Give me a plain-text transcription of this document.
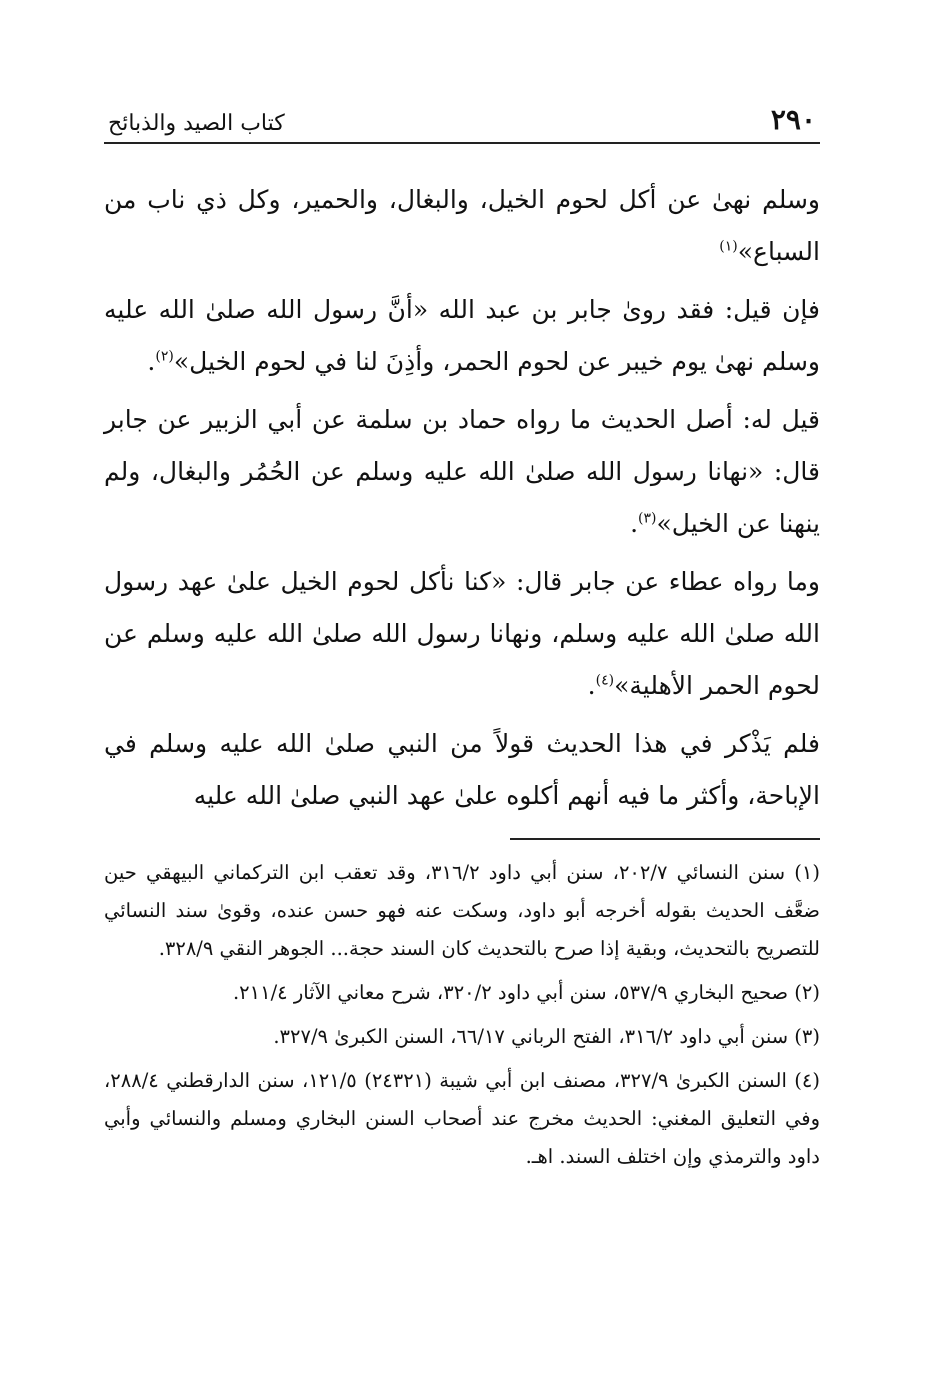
٢٩٠
كتاب الصيد والذبائح

وسلم نهىٰ عن أكل لحوم الخيل، والبغال، والحمير، وكل ذي ناب من السباع»$^{(١)}$

فإن قيل: فقد روىٰ جابر بن عبد الله «أنَّ رسول الله صلىٰ الله عليه وسلم نهىٰ يوم خيبر عن لحوم الحمر، وأذِنَ لنا في لحوم الخيل»$^{(٢)}$.

قيل له: أصل الحديث ما رواه حماد بن سلمة عن أبي الزبير عن جابر قال: «نهانا رسول الله صلىٰ الله عليه وسلم عن الحُمُر والبغال، ولم ينهنا عن الخيل»$^{(٣)}$.

وما رواه عطاء عن جابر قال: «كنا نأكل لحوم الخيل علىٰ عهد رسول الله صلىٰ الله عليه وسلم، ونهانا رسول الله صلىٰ الله عليه وسلم عن لحوم الحمر الأهلية»$^{(٤)}$.

فلم يَذْكر في هذا الحديث قولاً من النبي صلىٰ الله عليه وسلم في الإباحة، وأكثر ما فيه أنهم أكلوه علىٰ عهد النبي صلىٰ الله عليه

(١) سنن النسائي ٢٠٢/٧، سنن أبي داود ٣١٦/٢، وقد تعقب ابن التركماني البيهقي حين ضعَّف الحديث بقوله أخرجه أبو داود، وسكت عنه فهو حسن عنده، وقوىٰ سند النسائي للتصريح بالتحديث، وبقية إذا صرح بالتحديث كان السند حجة... الجوهر النقي ٣٢٨/٩.

(٢) صحيح البخاري ٥٣٧/٩، سنن أبي داود ٣٢٠/٢، شرح معاني الآثار ٢١١/٤.

(٣) سنن أبي داود ٣١٦/٢، الفتح الرباني ٦٦/١٧، السنن الكبرىٰ ٣٢٧/٩.

(٤) السنن الكبرىٰ ٣٢٧/٩، مصنف ابن أبي شيبة (٢٤٣٢١) ١٢١/٥، سنن الدارقطني ٢٨٨/٤، وفي التعليق المغني: الحديث مخرج عند أصحاب السنن البخاري ومسلم والنسائي وأبي داود والترمذي وإن اختلف السند. اهـ.
